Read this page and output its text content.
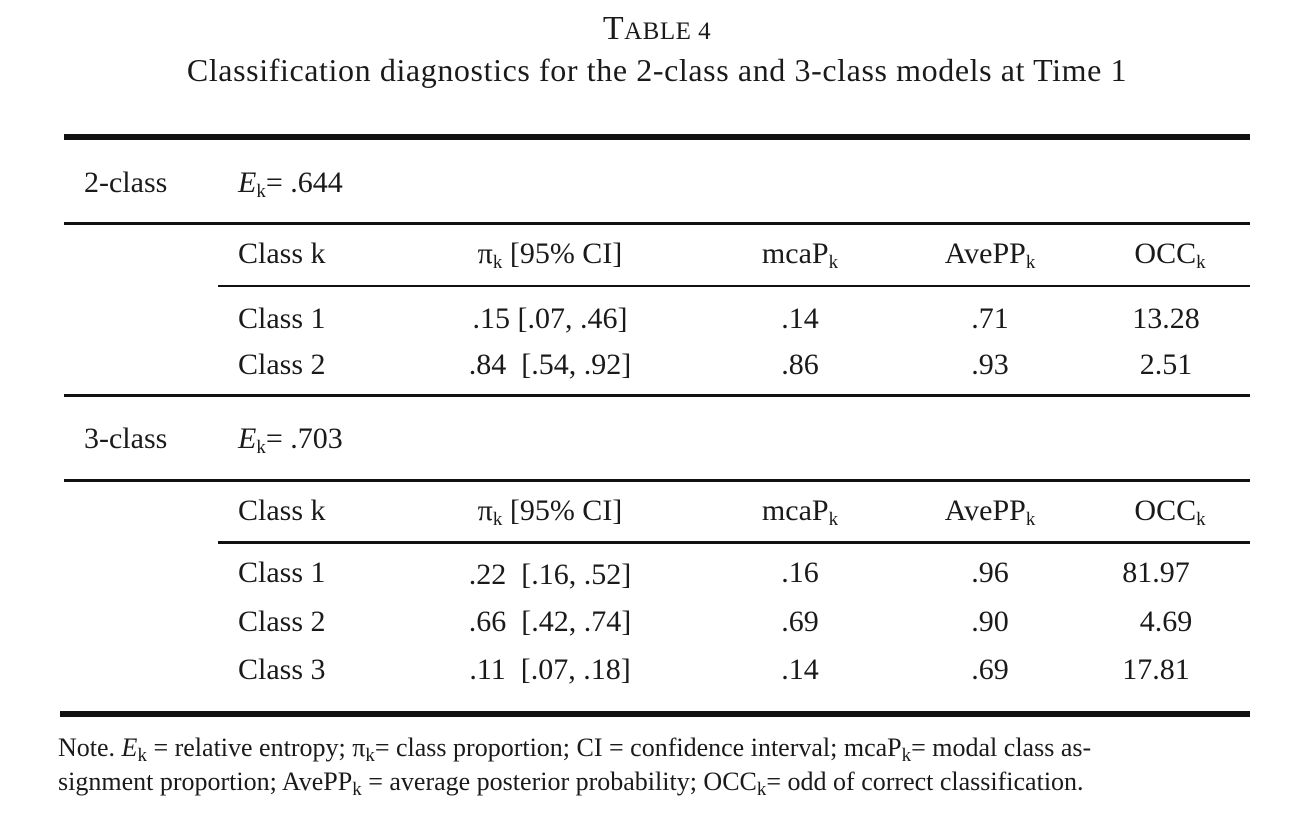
TABLE 4
Classification diagnostics for the 2-class and 3-class models at Time 1
2-class $E_k= .644$
Class k	$\pi_k$ [95% CI]	mcaP$_k$	AvePP$_k$	$OCC_k$
Class 1	.15 [.07, .46]	.14	.71	13.28
Class 2	.84  [.54, .92]	.86	.93	2.51
3-class $E_k= .703$
Class k	$\pi_k$ [95% CI]	mcaP$_k$	AvePP$_k$	$OCC_k$
Class 1	.22  [.16, .52]	.16	.96	81.97
Class 2	.66  [.42, .74]	.69	.90	4.69
Class 3	.11  [.07, .18]	.14	.69	17.81
Note. $E_k$ = relative entropy; $\pi_k=$ class proportion; CI = confidence interval; mcaP$_k$= modal class as-
signment proportion; AvePP$_k$ = average posterior probability; $OCC_k=$ odd of correct classification.
